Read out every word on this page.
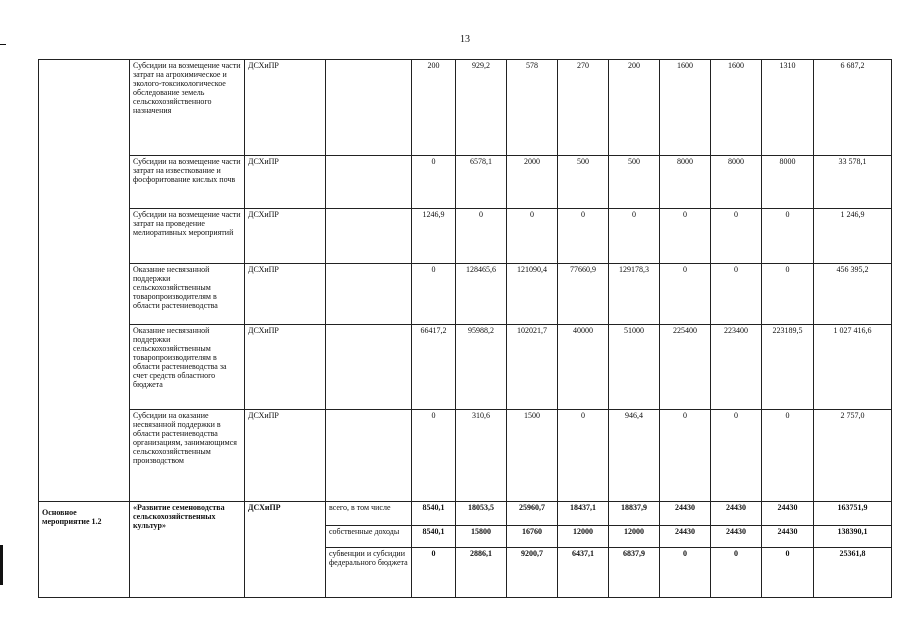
13
	Субсидии на возмещение части затрат на агрохимическое и эколого-токсикологическое обследование земель сельскохозяйственного назначения	ДСХиПР		200	929,2	578	270	200	1600	1600	1310	6 687,2
	Субсидии на возмещение части затрат на известкование и фосфоритование кислых почв	ДСХиПР		0	6578,1	2000	500	500	8000	8000	8000	33 578,1
	Субсидии на возмещение части затрат на проведение мелиоративных мероприятий	ДСХиПР		1246,9	0	0	0	0	0	0	0	1 246,9
	Оказание несвязанной поддержки сельскохозяйственным товаропроизводителям в области растениеводства	ДСХиПР		0	128465,6	121090,4	77660,9	129178,3	0	0	0	456 395,2
	Оказание несвязанной поддержки сельскохозяйственным товаропроизводителям в области растениеводства за счет средств областного бюджета	ДСХиПР		66417,2	95988,2	102021,7	40000	51000	225400	223400	223189,5	1 027 416,6
	Субсидии на оказание несвязанной поддержки в области растениеводства организациям, занимающимся сельскохозяйственным производством	ДСХиПР		0	310,6	1500	0	946,4	0	0	0	2 757,0
Основное мероприятие 1.2	«Развитие семеноводства сельскохозяйственных культур»	ДСХиПР	всего, в том числе	8540,1	18053,5	25960,7	18437,1	18837,9	24430	24430	24430	163751,9
			собственные доходы	8540,1	15800	16760	12000	12000	24430	24430	24430	138390,1
			субвенции и субсидии федерального бюджета	0	2886,1	9200,7	6437,1	6837,9	0	0	0	25361,8
